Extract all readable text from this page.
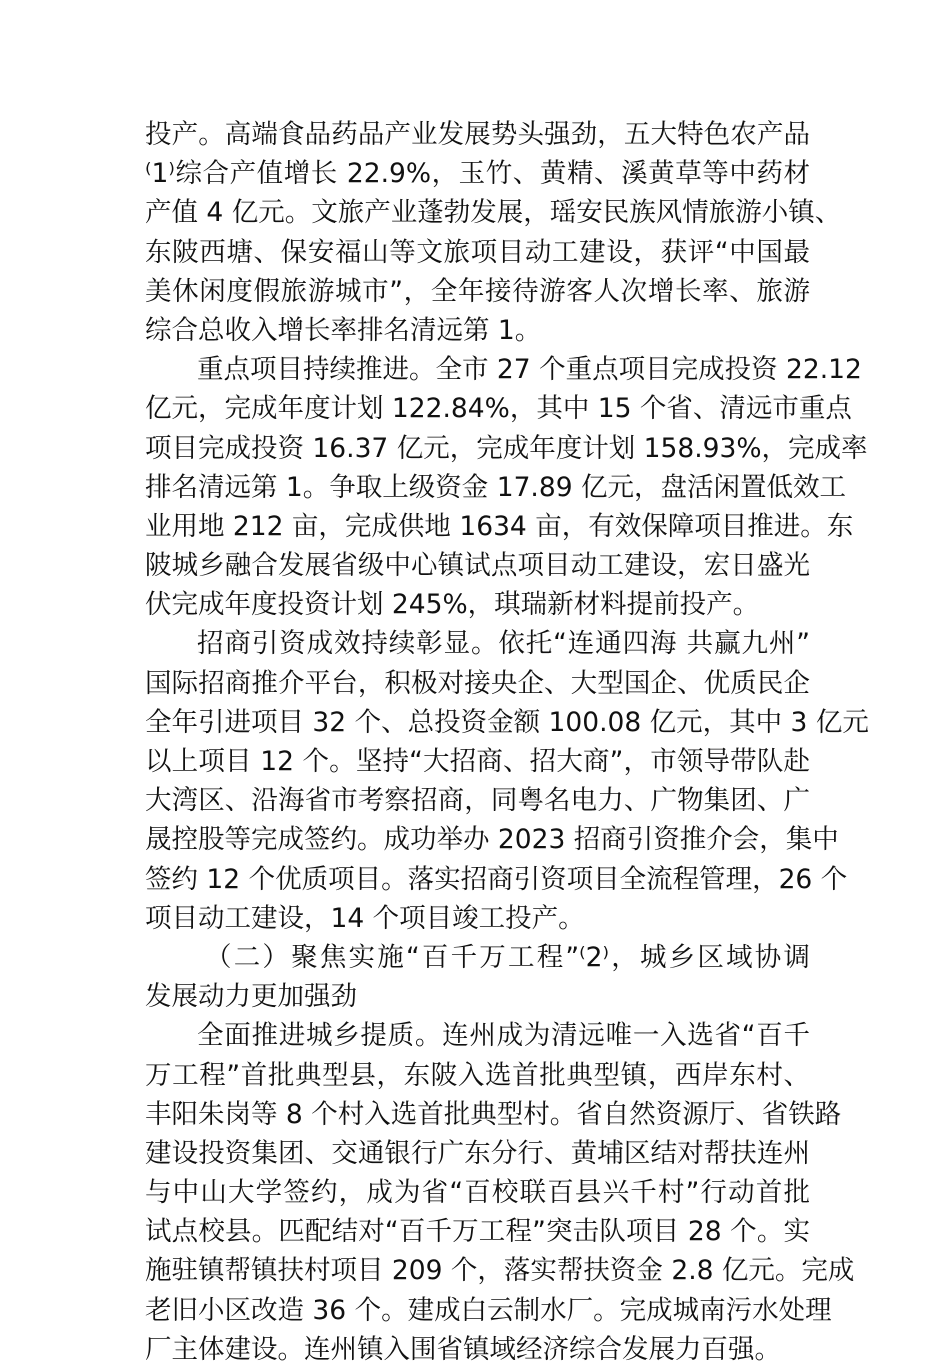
投产。高端食品药品产业发展势头强劲，五大特色农产品
⁽1⁾综合产值增长 22.9%，玉竹、黄精、溪黄草等中药材
产值 4 亿元。文旅产业蓬勃发展，瑶安民族风情旅游小镇、
东陂西塘、保安福山等文旅项目动工建设，获评“中国最
美休闲度假旅游城市”，全年接待游客人次增长率、旅游
综合总收入增长率排名清远第 1。
重点项目持续推进。全市 27 个重点项目完成投资 22.12
亿元，完成年度计划 122.84%，其中 15 个省、清远市重点
项目完成投资 16.37 亿元，完成年度计划 158.93%，完成率
排名清远第 1。争取上级资金 17.89 亿元，盘活闲置低效工
业用地 212 亩，完成供地 1634 亩，有效保障项目推进。东
陂城乡融合发展省级中心镇试点项目动工建设，宏日盛光
伏完成年度投资计划 245%，琪瑞新材料提前投产。
招商引资成效持续彰显。依托“连通四海 共赢九州”
国际招商推介平台，积极对接央企、大型国企、优质民企
全年引进项目 32 个、总投资金额 100.08 亿元，其中 3 亿元
以上项目 12 个。坚持“大招商、招大商”，市领导带队赴
大湾区、沿海省市考察招商，同粤名电力、广物集团、广
晟控股等完成签约。成功举办 2023 招商引资推介会，集中
签约 12 个优质项目。落实招商引资项目全流程管理，26 个
项目动工建设，14 个项目竣工投产。
（二）聚焦实施“百千万工程”⁽2⁾，城乡区域协调
发展动力更加强劲
全面推进城乡提质。连州成为清远唯一入选省“百千
万工程”首批典型县，东陂入选首批典型镇，西岸东村、
丰阳朱岗等 8 个村入选首批典型村。省自然资源厅、省铁路
建设投资集团、交通银行广东分行、黄埔区结对帮扶连州
与中山大学签约，成为省“百校联百县兴千村”行动首批
试点校县。匹配结对“百千万工程”突击队项目 28 个。实
施驻镇帮镇扶村项目 209 个，落实帮扶资金 2.8 亿元。完成
老旧小区改造 36 个。建成白云制水厂。完成城南污水处理
厂主体建设。连州镇入围省镇域经济综合发展力百强。
